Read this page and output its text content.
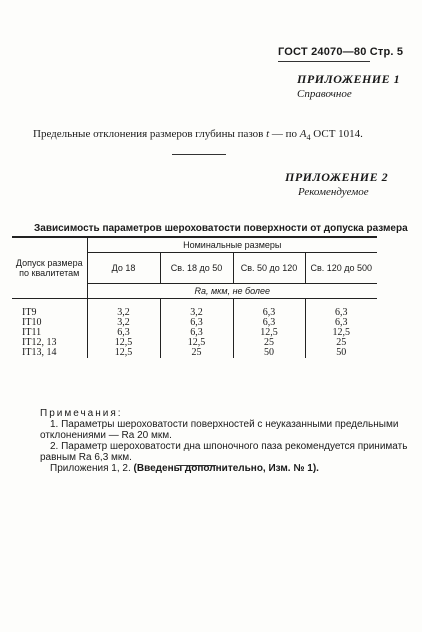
ГОСТ 24070—80 Стр. 5
ПРИЛОЖЕНИЕ 1
Справочное
Предельные отклонения размеров глубины пазов t — по $A_4$ ОСТ 1014.
ПРИЛОЖЕНИЕ 2
Рекомендуемое
Зависимость параметров шероховатости поверхности от допуска размера
Допуск размера по квалитетам	Номинальные размеры			
	До 18	Св. 18 до 50	Св. 50 до 120	Св. 120 до 500
	Ra, мкм, не более			
IT9	3,2	3,2	6,3	6,3
IT10	3,2	6,3	6,3	6,3
IT11	6,3	6,3	12,5	12,5
IT12, 13	12,5	12,5	25	25
IT13, 14	12,5	25	50	50
Примечания:
1. Параметры шероховатости поверхностей с неуказанными предельными
отклонениями — Ra 20 мкм.
2. Параметр шероховатости дна шпоночного паза рекомендуется принимать
равным Ra 6,3 мкм.
Приложения 1, 2. (Введены дополнительно, Изм. № 1).
